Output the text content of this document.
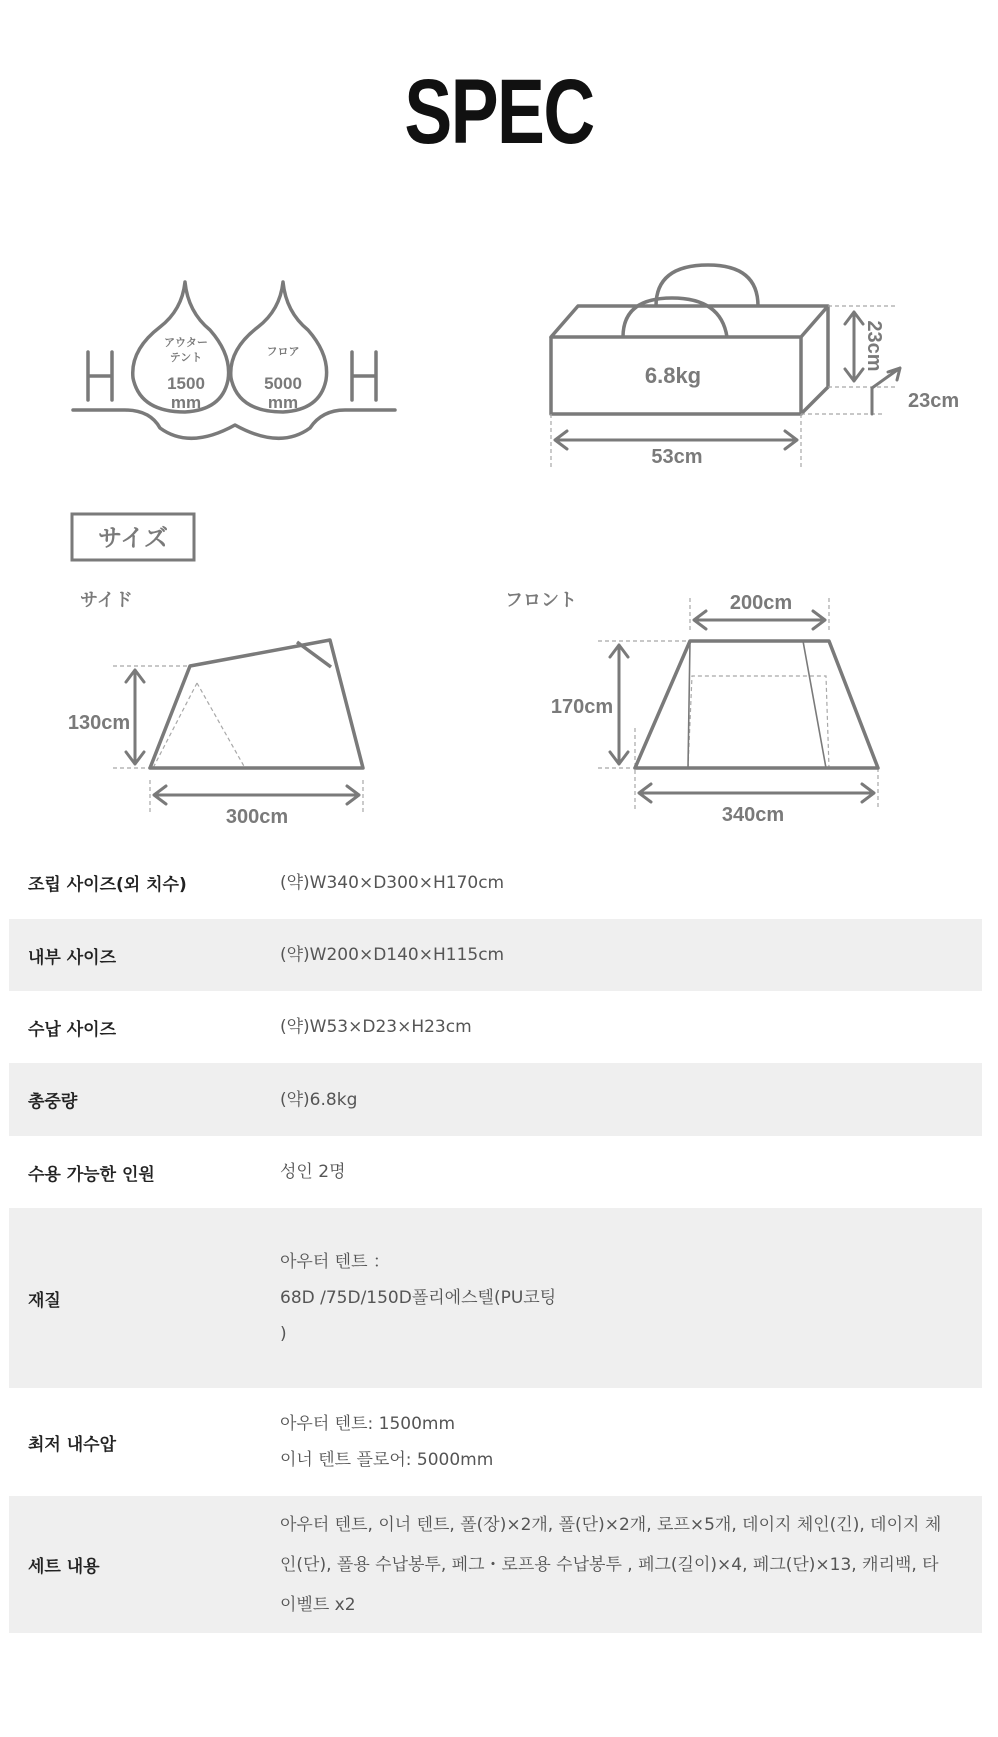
SPEC
アウター
テント
1500
mm
フロア
5000
mm
6.8kg
53cm
23cm
23cm
サイズ
サイド
130cm
300cm
フロント	200cm
170cm
340cm
조립 사이즈(외 치수)	(약)W340×D300×H170cm

내부 사이즈	(약)W200×D140×H115cm

수납 사이즈	(약)W53×D23×H23cm

총중량	(약)6.8kg

수용 가능한 인원	성인 2명

재질	아우터 텐트 ：
68D /75D/150D폴리에스텔(PU코팅
)

최저 내수압	아우터 텐트: 1500mm
이너 텐트 플로어: 5000mm

세트 내용	아우터 텐트, 이너 텐트, 폴(장)×2개, 폴(단)×2개, 로프×5개, 데이지 체인(긴), 데이지 체
인(단), 폴용 수납봉투, 페그・로프용 수납봉투 , 페그(길이)×4, 페그(단)×13, 캐리백, 타
이벨트 x2
